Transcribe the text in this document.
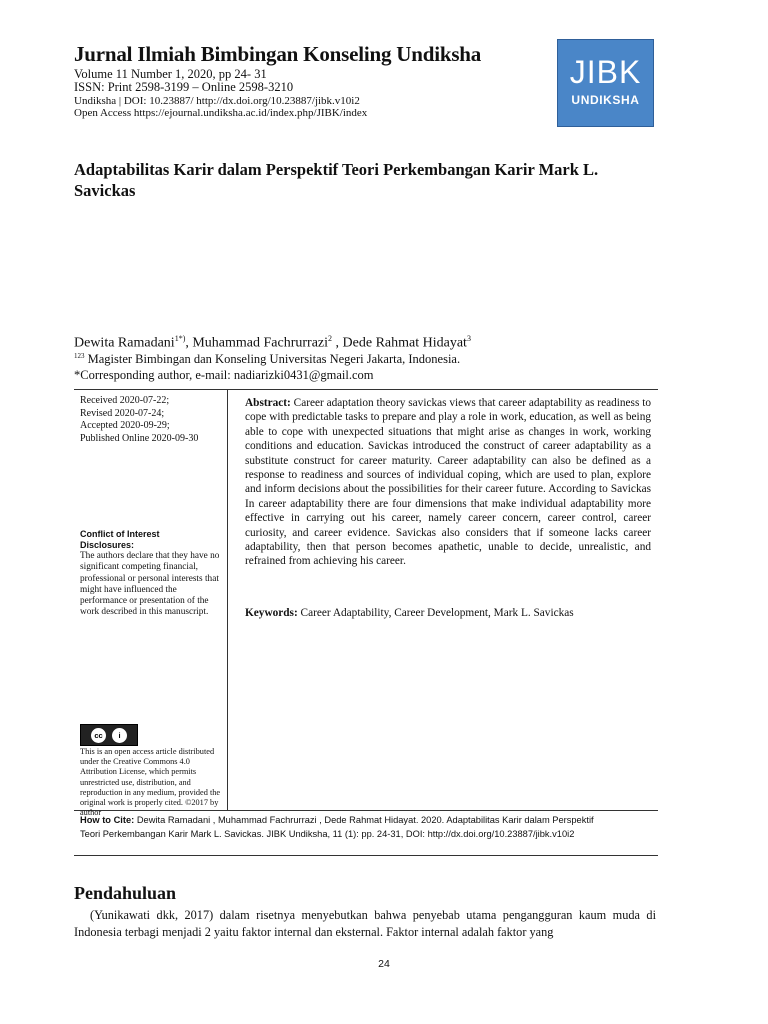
Jurnal Ilmiah Bimbingan Konseling Undiksha
Volume 11 Number 1, 2020, pp 24- 31
ISSN: Print 2598-3199 – Online 2598-3210
Undiksha | DOI: 10.23887/ http://dx.doi.org/10.23887/jibk.v10i2
Open Access https://ejournal.undiksha.ac.id/index.php/JIBK/index
JIBK
UNDIKSHA
Adaptabilitas Karir dalam Perspektif Teori Perkembangan Karir Mark L. Savickas
Dewita Ramadani$^{1*)}$, Muhammad Fachrurrazi$^2$ , Dede Rahmat Hidayat$^3$
$^{123}$ Magister Bimbingan dan Konseling Universitas Negeri Jakarta, Indonesia.
*Corresponding author, e-mail: nadiarizki0431@gmail.com
Received 2020-07-22;
Revised 2020-07-24;
Accepted 2020-09-29;
Published Online 2020-09-30
Conflict of Interest
Disclosures:
The authors declare that they have no significant competing financial, professional or personal interests that might have influenced the performance or presentation of the work described in this manuscript.
cc	i
This is an open access article distributed under the Creative Commons 4.0 Attribution License, which permits unrestricted use, distribution, and reproduction in any medium, provided the original work is properly cited. ©2017 by author
Abstract: Career adaptation theory savickas views that career adaptability as readiness to cope with predictable tasks to prepare and play a role in work, education, as well as being able to cope with unexpected situations that might arise as changes in work, working conditions and education. Savickas introduced the construct of career adaptability as a substitute construct for career maturity. Career adaptability can also be defined as a response to readiness and sources of individual coping, which are used to plan, explore and inform decisions about the possibilities for their career future. According to Savickas In career adaptability there are four dimensions that make individual adaptability more effective in carrying out his career, namely career concern, career control, career curiosity, and career evidence. Savickas also considers that if someone lacks career adaptability, then that person becomes apathetic, unable to decide, unrealistic, and refrained from achieving his career.
Keywords: Career Adaptability, Career Development, Mark L. Savickas
How to Cite: Dewita Ramadani , Muhammad Fachrurrazi , Dede Rahmat Hidayat. 2020. Adaptabilitas Karir dalam Perspektif
Teori Perkembangan Karir Mark L. Savickas. JIBK Undiksha, 11 (1): pp. 24-31, DOI: http://dx.doi.org/10.23887/jibk.v10i2
Pendahuluan
(Yunikawati dkk, 2017) dalam risetnya menyebutkan bahwa penyebab utama pengangguran kaum muda di Indonesia terbagi menjadi 2 yaitu faktor internal dan eksternal. Faktor internal adalah faktor yang
24
